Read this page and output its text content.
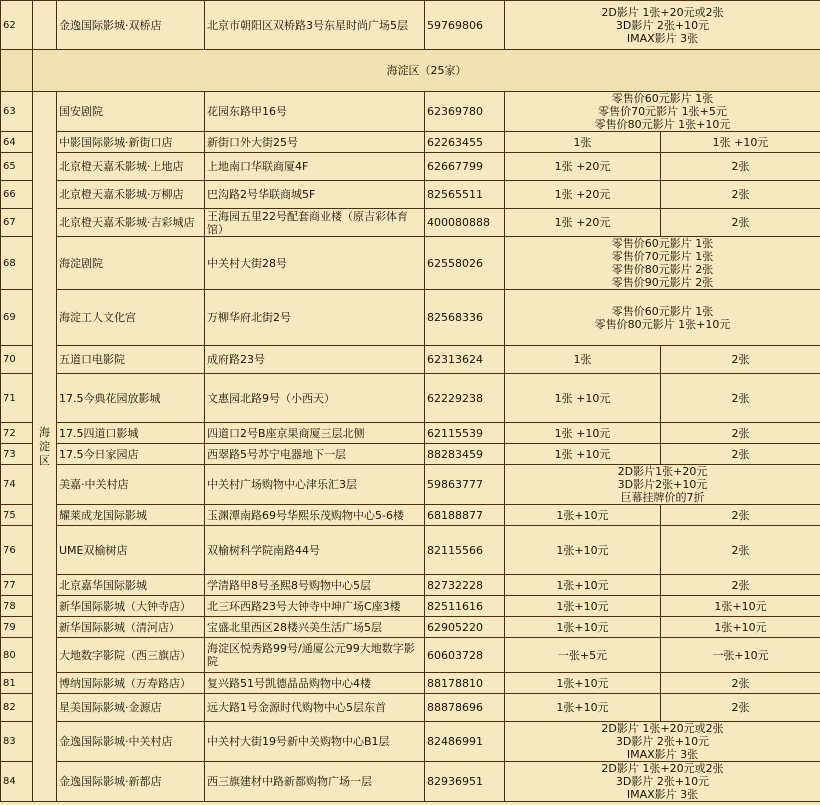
62		金逸国际影城·双桥店	北京市朝阳区双桥路3号东星时尚广场5层	59769806	2D影片 1张+20元或2张
3D影片 2张+10元
IMAX影片 3张	

	海淀区（25家）					
63	海淀区	国安剧院	花园东路甲16号	62369780	零售价60元影片 1张
零售价70元影片 1张+5元
零售价80元影片 1张+10元	

64		中影国际影城·新街口店	新街口外大街25号	62263455	1张	1张 +10元
65		北京橙天嘉禾影城·上地店	上地南口华联商厦4F	62667799	1张 +20元	2张
66		北京橙天嘉禾影城·万柳店	巴沟路2号华联商城5F	82565511	1张 +20元	2张
67		北京橙天嘉禾影城·吉彩城店	王海园五里22号配套商业楼（原吉彩体育馆）	400080888	1张 +20元	2张
68		海淀剧院	中关村大街28号	62558026	零售价60元影片 1张
零售价70元影片 1张
零售价80元影片 2张
零售价90元影片 2张	

69		海淀工人文化宫	万柳华府北街2号	82568336	零售价60元影片 1张
零售价80元影片 1张+10元	

70		五道口电影院	成府路23号	62313624	1张	2张
71		17.5今典花园放影城	文惠园北路9号（小西天）	62229238	1张 +10元	2张
72		17.5四道口影城	四道口2号B座京果商厦三层北侧	62115539	1张 +10元	2张
73		17.5今日家园店	西翠路5号苏宁电器地下一层	88283459	1张 +10元	2张
74		美嘉·中关村店	中关村广场购物中心津乐汇3层	59863777	2D影片1张+20元
3D影片2张+10元
巨幕挂牌价的7折	

75		耀莱成龙国际影城	玉渊潭南路69号华熙乐茂购物中心5-6楼	68188877	1张+10元	2张
76		UME双榆树店	双榆树科学院南路44号	82115566	1张+10元	2张
77		北京嘉华国际影城	学清路甲8号圣熙8号购物中心5层	82732228	1张+10元	2张
78		新华国际影城（大钟寺店）	北三环西路23号大钟寺中坤广场C座3楼	82511616	1张+10元	1张+10元
79		新华国际影城（清河店）	宝盛北里西区28楼兴美生活广场5层	62905220	1张+10元	1张+10元
80		大地数字影院（西三旗店）	海淀区悦秀路99号/通厦公元99大地数字影院	60603728	一张+5元	一张+10元
81		博纳国际影城（万寿路店）	复兴路51号凯德晶品购物中心4楼	88178810	1张+10元	2张
82		星美国际影城·金源店	远大路1号金源时代购物中心5层东首	88878696	1张+10元	2张
83		金逸国际影城·中关村店	中关村大街19号新中关购物中心B1层	82486991	2D影片 1张+20元或2张
3D影片 2张+10元
IMAX影片 3张	

84		金逸国际影城·新都店	西三旗建材中路新都购物广场一层	82936951	2D影片 1张+20元或2张
3D影片 2张+10元
IMAX影片 3张	
